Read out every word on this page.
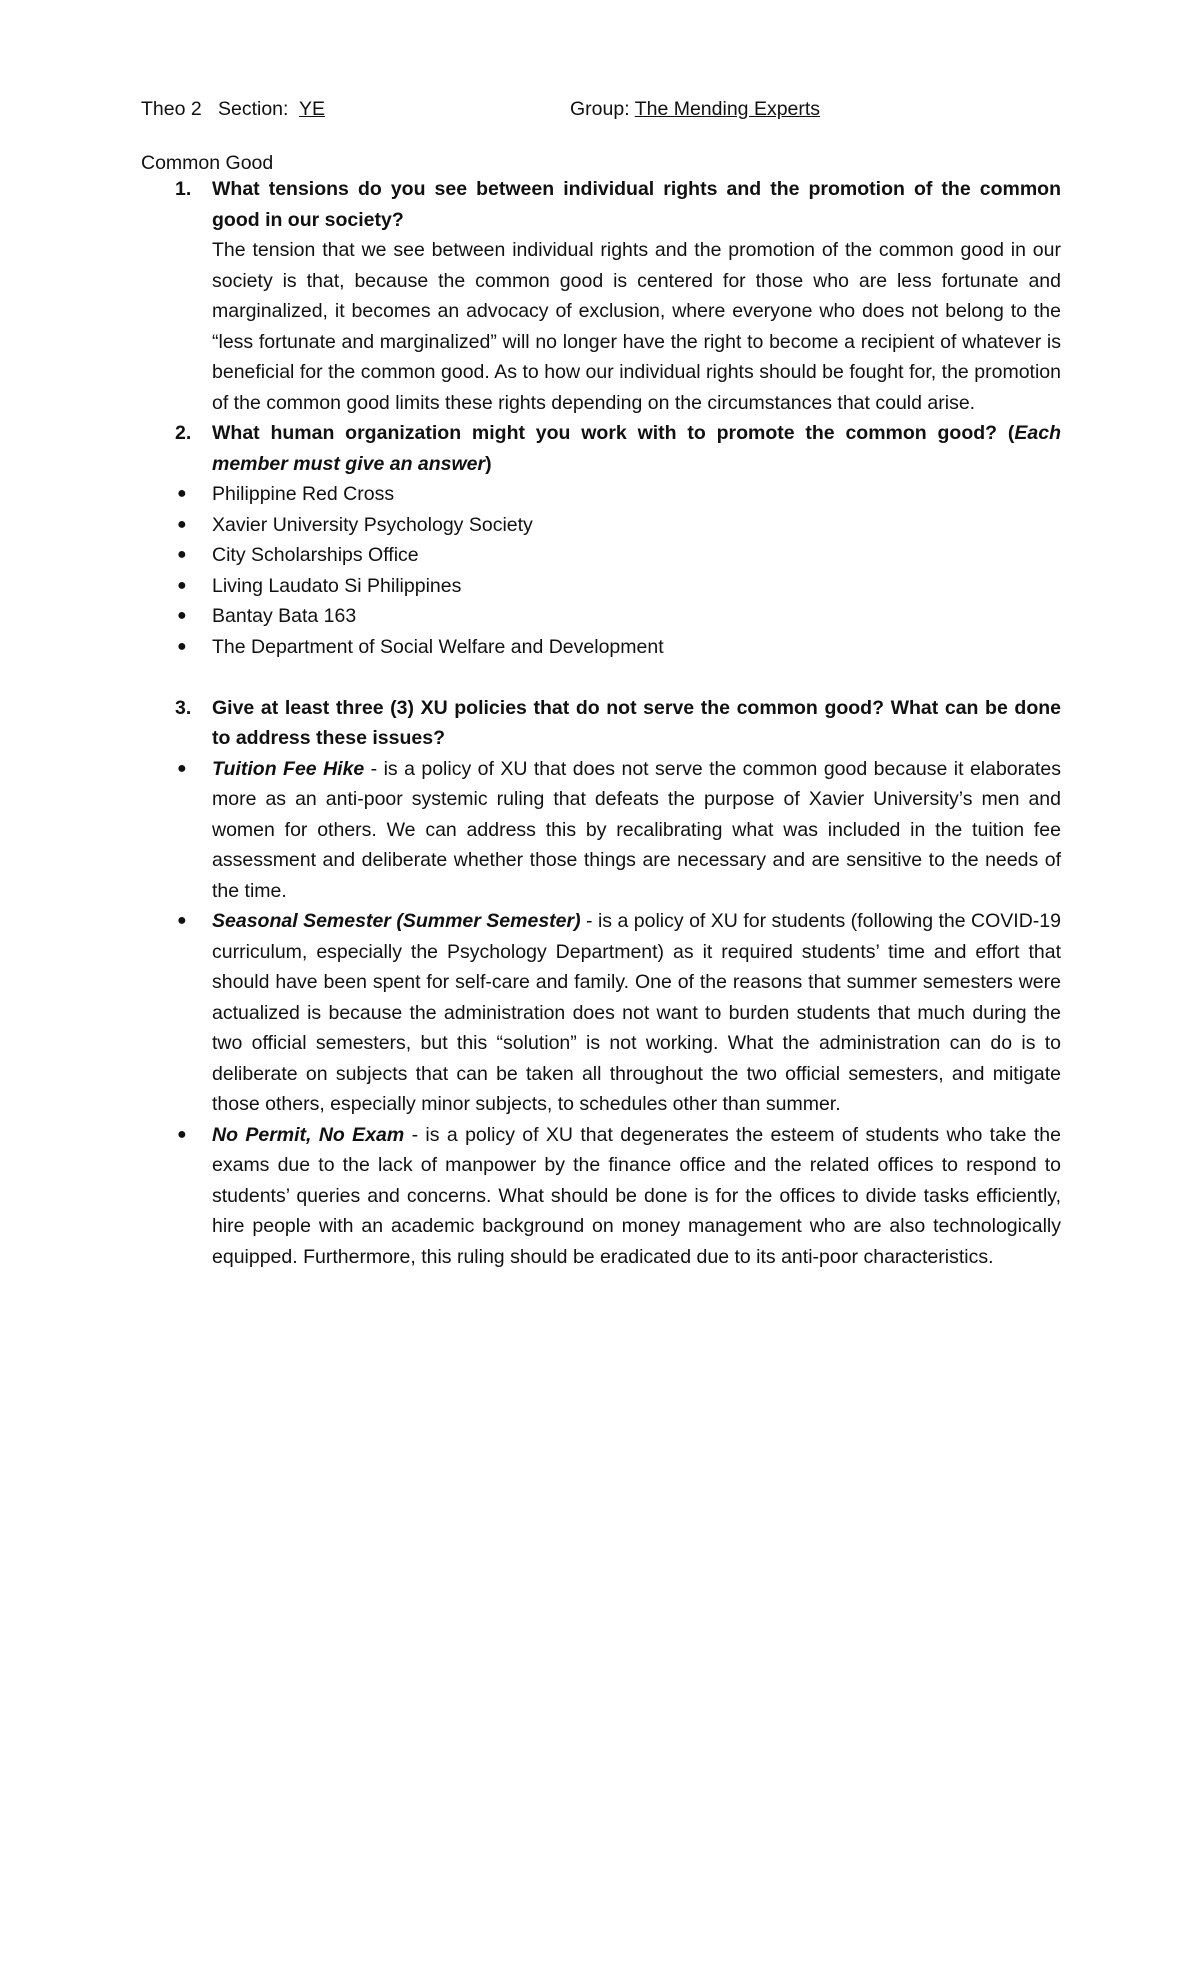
Theo 2 Section: YE	Group: The Mending Experts
Common Good
1. What tensions do you see between individual rights and the promotion of the common good in our society?
The tension that we see between individual rights and the promotion of the common good in our society is that, because the common good is centered for those who are less fortunate and marginalized, it becomes an advocacy of exclusion, where everyone who does not belong to the “less fortunate and marginalized” will no longer have the right to become a recipient of whatever is beneficial for the common good. As to how our individual rights should be fought for, the promotion of the common good limits these rights depending on the circumstances that could arise.
2. What human organization might you work with to promote the common good? (Each member must give an answer)
● Philippine Red Cross
● Xavier University Psychology Society
● City Scholarships Office
● Living Laudato Si Philippines
● Bantay Bata 163
● The Department of Social Welfare and Development
3. Give at least three (3) XU policies that do not serve the common good? What can be done to address these issues?
● Tuition Fee Hike - is a policy of XU that does not serve the common good because it elaborates more as an anti-poor systemic ruling that defeats the purpose of Xavier University’s men and women for others. We can address this by recalibrating what was included in the tuition fee assessment and deliberate whether those things are necessary and are sensitive to the needs of the time.
● Seasonal Semester (Summer Semester) - is a policy of XU for students (following the COVID-19 curriculum, especially the Psychology Department) as it required students’ time and effort that should have been spent for self-care and family. One of the reasons that summer semesters were actualized is because the administration does not want to burden students that much during the two official semesters, but this “solution” is not working. What the administration can do is to deliberate on subjects that can be taken all throughout the two official semesters, and mitigate those others, especially minor subjects, to schedules other than summer.
● No Permit, No Exam - is a policy of XU that degenerates the esteem of students who take the exams due to the lack of manpower by the finance office and the related offices to respond to students’ queries and concerns. What should be done is for the offices to divide tasks efficiently, hire people with an academic background on money management who are also technologically equipped. Furthermore, this ruling should be eradicated due to its anti-poor characteristics.
